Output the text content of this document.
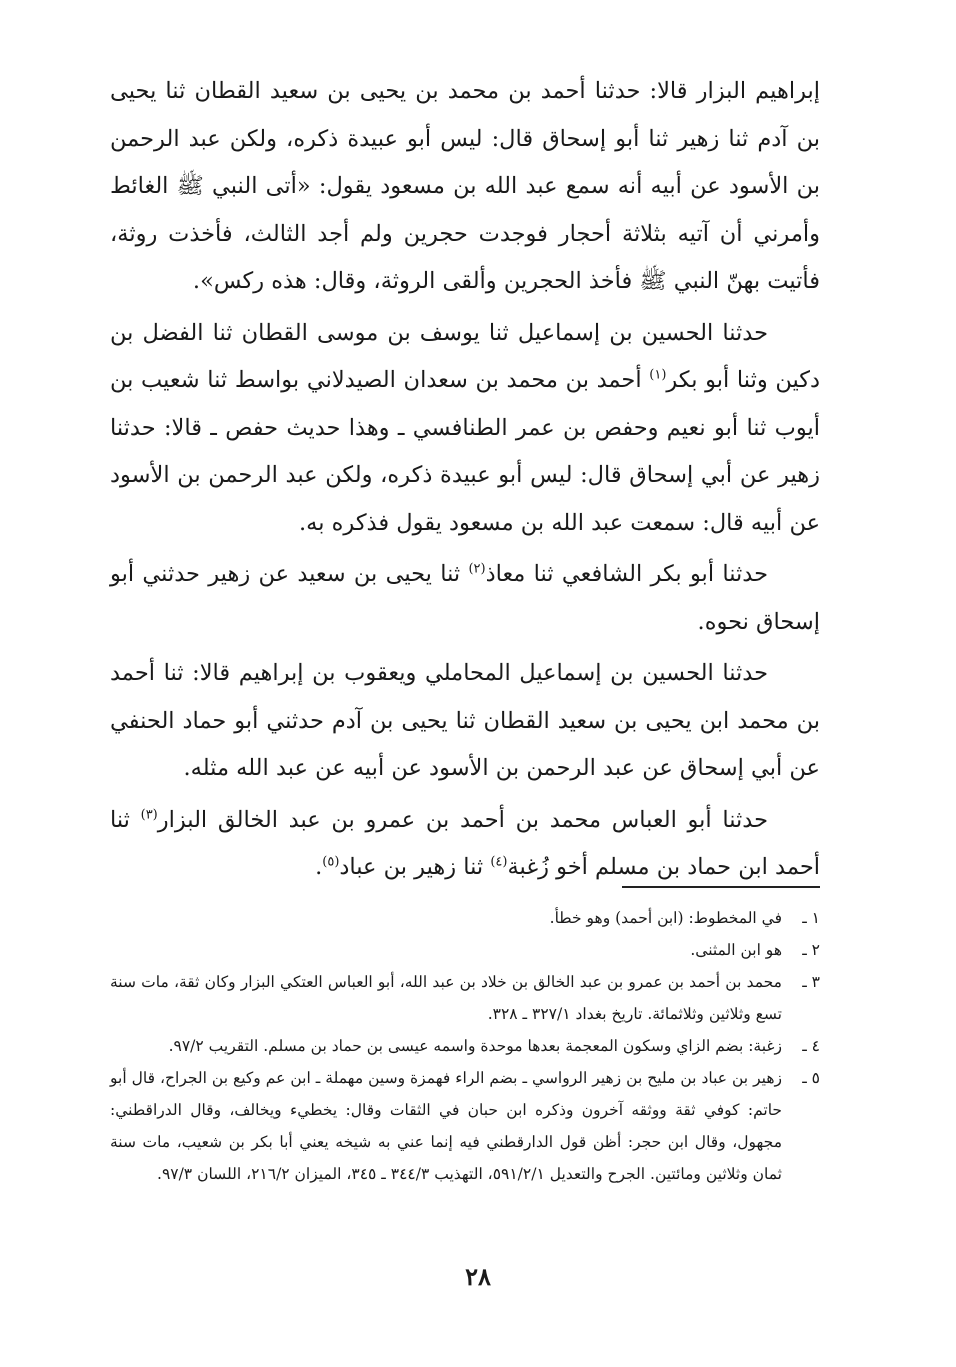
إبراهيم البزار قالا: حدثنا أحمد بن محمد بن يحيى بن سعيد القطان ثنا يحيى بن آدم ثنا زهير ثنا أبو إسحاق قال: ليس أبو عبيدة ذكره، ولكن عبد الرحمن بن الأسود عن أبيه أنه سمع عبد الله بن مسعود يقول: «أتى النبي ﷺ الغائط وأمرني أن آتيه بثلاثة أحجار فوجدت حجرين ولم أجد الثالث، فأخذت روثة، فأتيت بهنّ النبي ﷺ فأخذ الحجرين وألقى الروثة، وقال: هذه ركس».

حدثنا الحسين بن إسماعيل ثنا يوسف بن موسى القطان ثنا الفضل بن دكين وثنا أبو بكر$^{(١)}$ أحمد بن محمد بن سعدان الصيدلاني بواسط ثنا شعيب بن أيوب ثنا أبو نعيم وحفص بن عمر الطنافسي ـ وهذا حديث حفص ـ قالا: حدثنا زهير عن أبي إسحاق قال: ليس أبو عبيدة ذكره، ولكن عبد الرحمن بن الأسود عن أبيه قال: سمعت عبد الله بن مسعود يقول فذكره به.

حدثنا أبو بكر الشافعي ثنا معاذ$^{(٢)}$ ثنا يحيى بن سعيد عن زهير حدثني أبو إسحاق نحوه.

حدثنا الحسين بن إسماعيل المحاملي ويعقوب بن إبراهيم قالا: ثنا أحمد بن محمد ابن يحيى بن سعيد القطان ثنا يحيى بن آدم حدثني أبو حماد الحنفي عن أبي إسحاق عن عبد الرحمن بن الأسود عن أبيه عن عبد الله مثله.

حدثنا أبو العباس محمد بن أحمد بن عمرو بن عبد الخالق البزار$^{(٣)}$ ثنا أحمد ابن حماد بن مسلم أخو زُغبة$^{(٤)}$ ثنا زهير بن عباد$^{(٥)}$.

١ ـ
في المخطوط: (ابن أحمد) وهو خطأ.
٢ ـ
هو ابن المثنى.
٣ ـ
محمد بن أحمد بن عمرو بن عبد الخالق بن خلاد بن عبد الله، أبو العباس العتكي البزار وكان ثقة، مات سنة تسع وثلاثين وثلاثمائة. تاريخ بغداد ٣٢٧/١ ـ ٣٢٨.
٤ ـ
زغبة: بضم الزاي وسكون المعجمة بعدها موحدة واسمه عيسى بن حماد بن مسلم. التقريب ٩٧/٢.
٥ ـ
زهير بن عباد بن مليح بن زهير الرواسي ـ بضم الراء فهمزة وسين مهملة ـ ابن عم وكيع بن الجراح، قال أبو حاتم: كوفي ثقة ووثقه آخرون وذكره ابن حبان في الثقات وقال: يخطيء ويخالف، وقال الدراقطني: مجهول، وقال ابن حجر: أظن قول الدارقطني فيه إنما عني به شيخه يعني أبا بكر بن شعيب، مات سنة ثمان وثلاثين ومائتين. الجرح والتعديل ٥٩١/٢/١، التهذيب ٣٤٤/٣ ـ ٣٤٥، الميزان ٢١٦/٢، اللسان ٩٧/٣.
٢٨
